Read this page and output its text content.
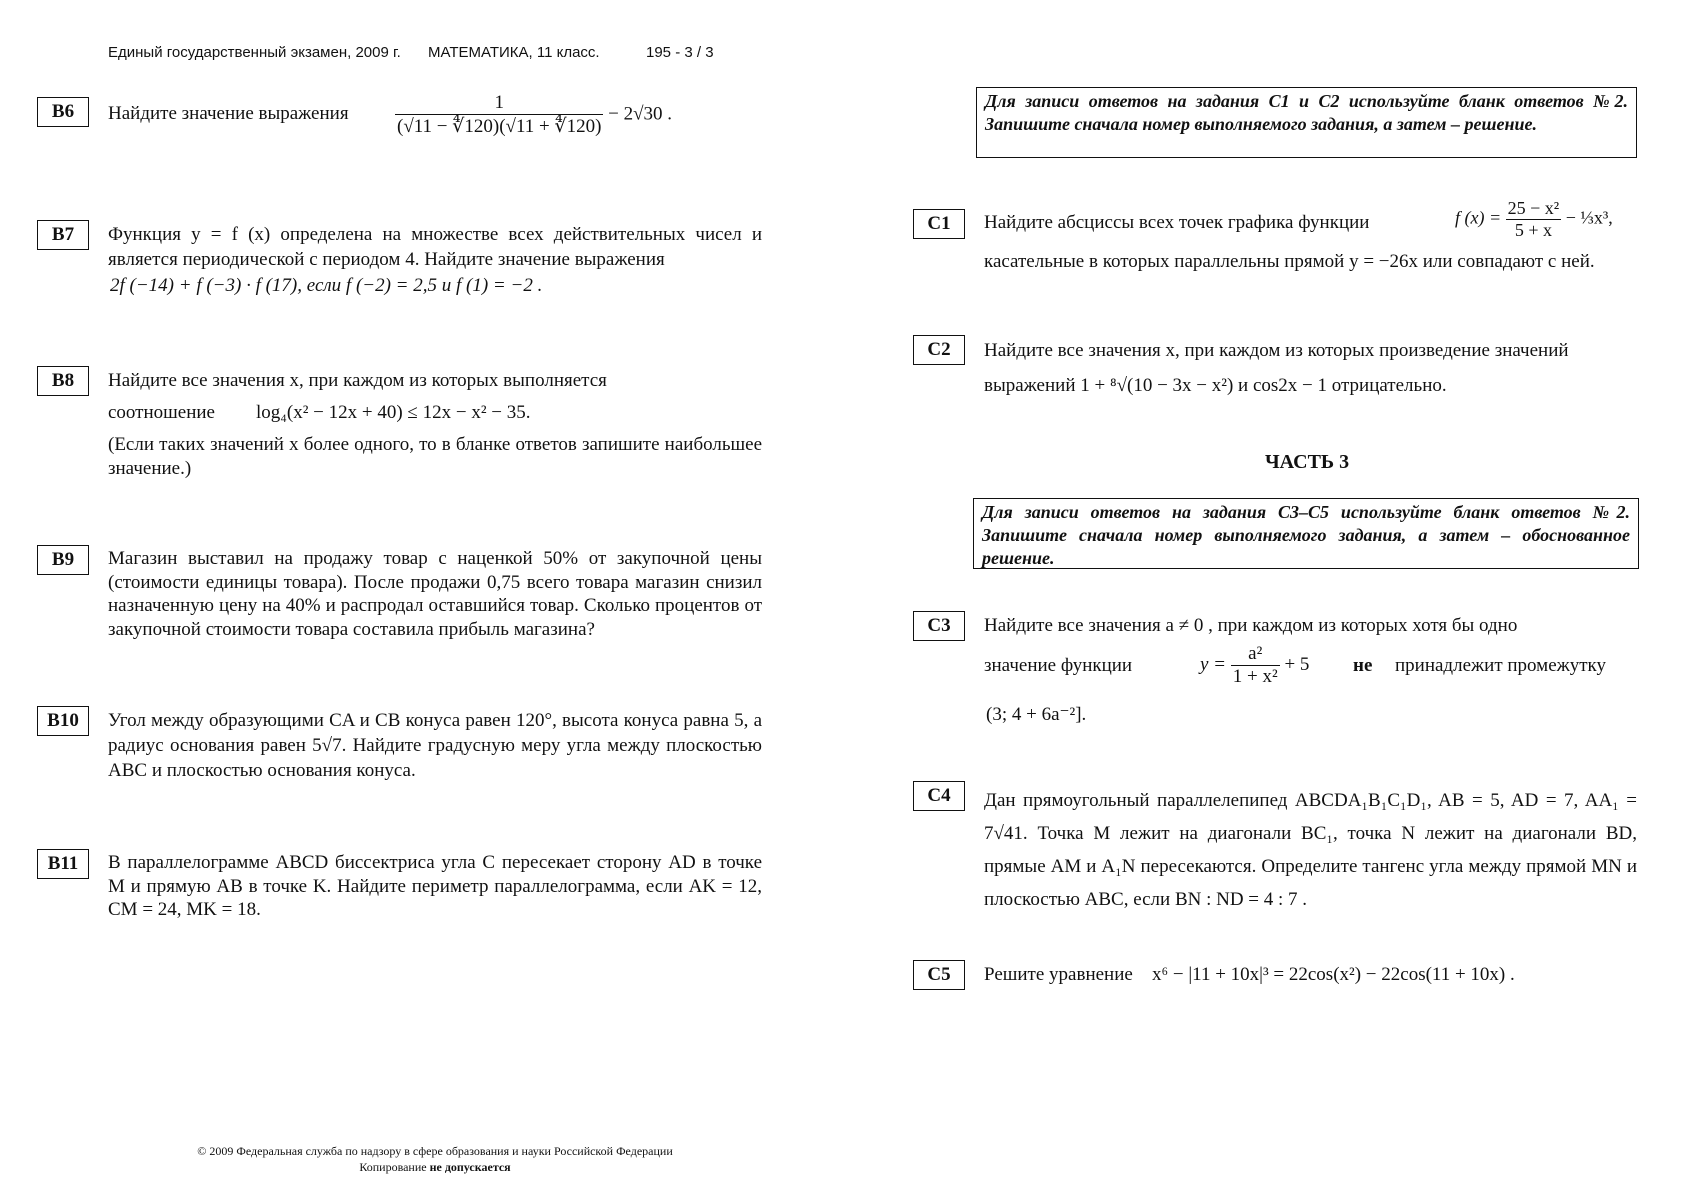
Единый государственный экзамен, 2009 г. МАТЕМАТИКА, 11 класс.	195 - 3 / 3
B6	Найдите значение выражения $\frac{1}{(√11 - ∜120)(√11 + ∜120)} - 2√30$ .
B7	Функция y = f (x) определена на множестве всех действительных чисел и является периодической с периодом 4. Найдите значение выражения
2f (−14) + f (−3) · f (17), если f (−2) = 2,5 и f (1) = −2 .
B8	Найдите все значения x, при каждом из которых выполняется
соотношение log₄(x² − 12x + 40) ≤ 12x − x² − 35.
(Если таких значений x более одного, то в бланке ответов запишите наибольшее значение.)
B9	Магазин выставил на продажу товар с наценкой 50% от закупочной цены (стоимости единицы товара). После продажи 0,75 всего товара магазин снизил назначенную цену на 40% и распродал оставшийся товар. Сколько процентов от закупочной стоимости товара составила прибыль магазина?
B10	Угол между образующими CA и CB конуса равен 120°, высота конуса равна 5, а радиус основания равен 5√7. Найдите градусную меру угла между плоскостью ABC и плоскостью основания конуса.
B11	В параллелограмме ABCD биссектриса угла C пересекает сторону AD в точке M и прямую AB в точке K. Найдите периметр параллелограмма, если AK = 12, CM = 24, MK = 18.
Для записи ответов на задания С1 и С2 используйте бланк ответов №2. Запишите сначала номер выполняемого задания, а затем – решение.
C1	Найдите абсциссы всех точек графика функции	f $(x) = \frac{\text{25 − x²}}{5 + x}$ − ⅓x³,
касательные в которых параллельны прямой y = −26x или совпадают с ней.
C2	Найдите все значения x, при каждом из которых произведение значений
выражений 1 + ⁸√(10 − 3x − x²) и cos2x − 1 отрицательно.
ЧАСТЬ 3
Для записи ответов на задания С3–С5 используйте бланк ответов №2. Запишите сначала номер выполняемого задания, а затем – обоснованное решение.
C3	Найдите все значения a ≠ 0 , при каждом из которых хотя бы одно
значение функции	$y = \frac{\text{a²}}{\text{1 + x²}} + 5$ не принадлежит промежутку
(3; 4 + 6a⁻²].
C4	Дан прямоугольный параллелепипед ABCDA₁B₁C₁D₁, AB = 5, AD = 7, AA₁ = 7√41. Точка M лежит на диагонали BC₁, точка N лежит на диагонали BD, прямые AM и A₁N пересекаются. Определите тангенс угла между прямой MN и плоскостью ABC, если BN : ND = 4 : 7 .
C5	Решите уравнение x⁶ − |11 + 10x|³ = 22cos(x²) − 22cos(11 + 10x) .
© 2009 Федеральная служба по надзору в сфере образования и науки Российской Федерации
Копирование не допускается
